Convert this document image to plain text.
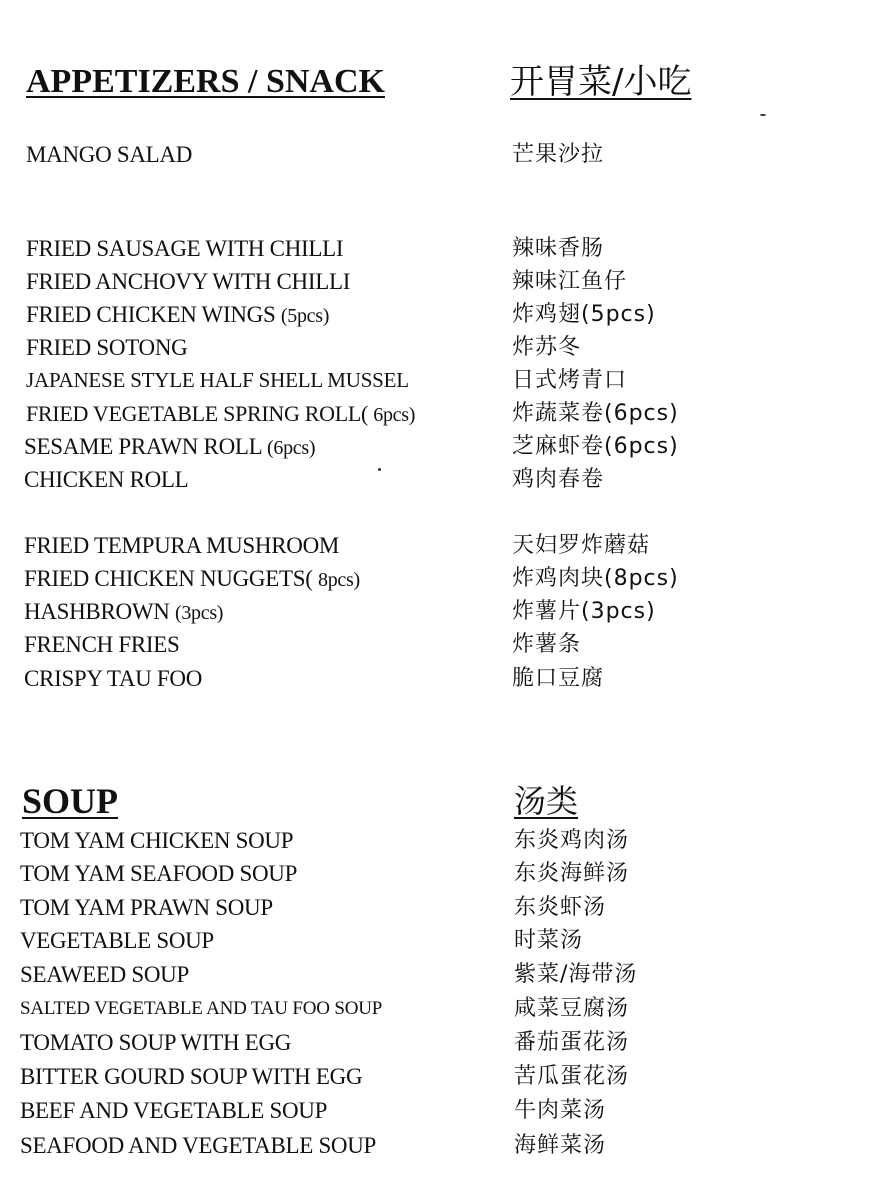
APPETIZERS / SNACK	开胃菜/小吃
MANGO SALAD	芒果沙拉
FRIED SAUSAGE WITH CHILLI	辣味香肠
FRIED ANCHOVY WITH CHILLI	辣味江鱼仔
FRIED CHICKEN WINGS (5pcs)	炸鸡翅(5pcs)
FRIED SOTONG	炸苏冬
JAPANESE STYLE HALF SHELL MUSSEL	日式烤青口
FRIED VEGETABLE SPRING ROLL( 6pcs)	炸蔬菜卷(6pcs)
SESAME PRAWN ROLL (6pcs)	芝麻虾卷(6pcs)
CHICKEN ROLL	鸡肉春卷
FRIED TEMPURA MUSHROOM	天妇罗炸蘑菇
FRIED CHICKEN NUGGETS( 8pcs)	炸鸡肉块(8pcs)
HASHBROWN (3pcs)	炸薯片(3pcs)
FRENCH FRIES	炸薯条
CRISPY TAU FOO	脆口豆腐
SOUP	汤类
TOM YAM CHICKEN SOUP	东炎鸡肉汤
TOM YAM SEAFOOD SOUP	东炎海鲜汤
TOM YAM PRAWN SOUP	东炎虾汤
VEGETABLE SOUP	时菜汤
SEAWEED SOUP	紫菜/海带汤
SALTED VEGETABLE AND TAU FOO SOUP	咸菜豆腐汤
TOMATO SOUP WITH EGG	番茄蛋花汤
BITTER GOURD SOUP WITH EGG	苦瓜蛋花汤
BEEF AND VEGETABLE SOUP	牛肉菜汤
SEAFOOD AND VEGETABLE SOUP	海鲜菜汤
